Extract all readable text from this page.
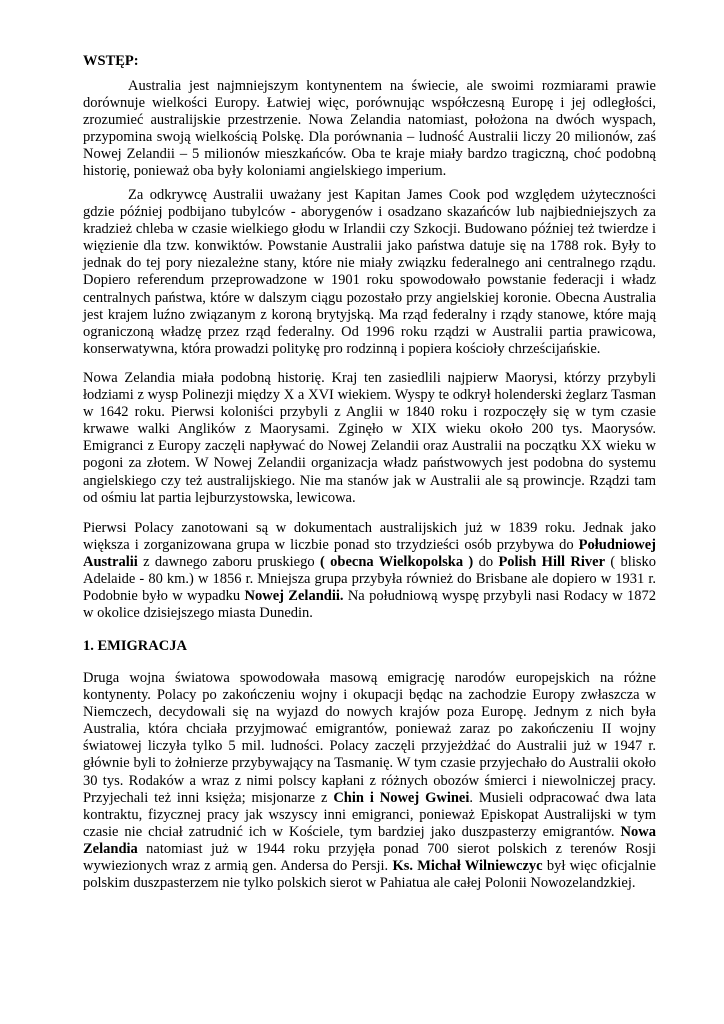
WSTĘP:
Australia jest najmniejszym kontynentem na świecie, ale swoimi rozmiarami prawie dorównuje wielkości Europy. Łatwiej więc, porównując współczesną Europę i jej odległości, zrozumieć australijskie przestrzenie. Nowa Zelandia natomiast, położona na dwóch wyspach, przypomina swoją wielkością Polskę. Dla porównania – ludność Australii liczy 20 milionów, zaś Nowej Zelandii – 5 milionów mieszkańców. Oba te kraje miały bardzo tragiczną, choć podobną historię, ponieważ oba były koloniami angielskiego imperium.
Za odkrywcę Australii uważany jest Kapitan James Cook pod względem użyteczności gdzie później podbijano tubylców - aborygenów i osadzano skazańców lub najbiedniejszych za kradzież chleba w czasie wielkiego głodu w Irlandii czy Szkocji. Budowano później też twierdze i więzienie dla tzw. konwiktów. Powstanie Australii jako państwa datuje się na 1788 rok. Były to jednak do tej pory niezależne stany, które nie miały związku federalnego ani centralnego rządu. Dopiero referendum przeprowadzone w 1901 roku spowodowało powstanie federacji i władz centralnych państwa, które w dalszym ciągu pozostało przy angielskiej koronie. Obecna Australia jest krajem luźno związanym z koroną brytyjską. Ma rząd federalny i rządy stanowe, które mają ograniczoną władzę przez rząd federalny. Od 1996 roku rządzi w Australii partia prawicowa, konserwatywna, która prowadzi politykę pro rodzinną i popiera kościoły chrześcijańskie.
Nowa Zelandia miała podobną historię. Kraj ten zasiedlili najpierw Maorysi, którzy przybyli łodziami z wysp Polinezji między X a XVI wiekiem. Wyspy te odkrył holenderski żeglarz Tasman w 1642 roku. Pierwsi koloniści przybyli z Anglii w 1840 roku i rozpoczęły się w tym czasie krwawe walki Anglików z Maorysami. Zginęło w XIX wieku około 200 tys. Maorysów. Emigranci z Europy zaczęli napływać do Nowej Zelandii oraz Australii na początku XX wieku w pogoni za złotem. W Nowej Zelandii organizacja władz państwowych jest podobna do systemu angielskiego czy też australijskiego. Nie ma stanów jak w Australii ale są prowincje. Rządzi tam od ośmiu lat partia lejburzystowska, lewicowa.
Pierwsi Polacy zanotowani są w dokumentach australijskich już w 1839 roku. Jednak jako większa i zorganizowana grupa w liczbie ponad sto trzydzieści osób przybywa do Południowej Australii z dawnego zaboru pruskiego ( obecna Wielkopolska ) do Polish Hill River ( blisko Adelaide - 80 km.) w 1856 r. Mniejsza grupa przybyła również do Brisbane ale dopiero w 1931 r. Podobnie było w wypadku Nowej Zelandii. Na południową wyspę przybyli nasi Rodacy w 1872 w okolice dzisiejszego miasta Dunedin.
1. EMIGRACJA
Druga wojna światowa spowodowała masową emigrację narodów europejskich na różne kontynenty. Polacy po zakończeniu wojny i okupacji będąc na zachodzie Europy zwłaszcza w Niemczech, decydowali się na wyjazd do nowych krajów poza Europę. Jednym z nich była Australia, która chciała przyjmować emigrantów, ponieważ zaraz po zakończeniu II wojny światowej liczyła tylko 5 mil. ludności. Polacy zaczęli przyjeżdżać do Australii już w 1947 r. głównie byli to żołnierze przybywający na Tasmanię. W tym czasie przyjechało do Australii około 30 tys. Rodaków a wraz z nimi polscy kapłani z różnych obozów śmierci i niewolniczej pracy. Przyjechali też inni księża; misjonarze z Chin i Nowej Gwinei. Musieli odpracować dwa lata kontraktu, fizycznej pracy jak wszyscy inni emigranci, ponieważ Episkopat Australijski w tym czasie nie chciał zatrudnić ich w Kościele, tym bardziej jako duszpasterzy emigrantów. Nowa Zelandia natomiast już w 1944 roku przyjęła ponad 700 sierot polskich z terenów Rosji wywiezionych wraz z armią gen. Andersa do Persji. Ks. Michał Wilniewczyc był więc oficjalnie polskim duszpasterzem nie tylko polskich sierot w Pahiatua ale całej Polonii Nowozelandzkiej.
